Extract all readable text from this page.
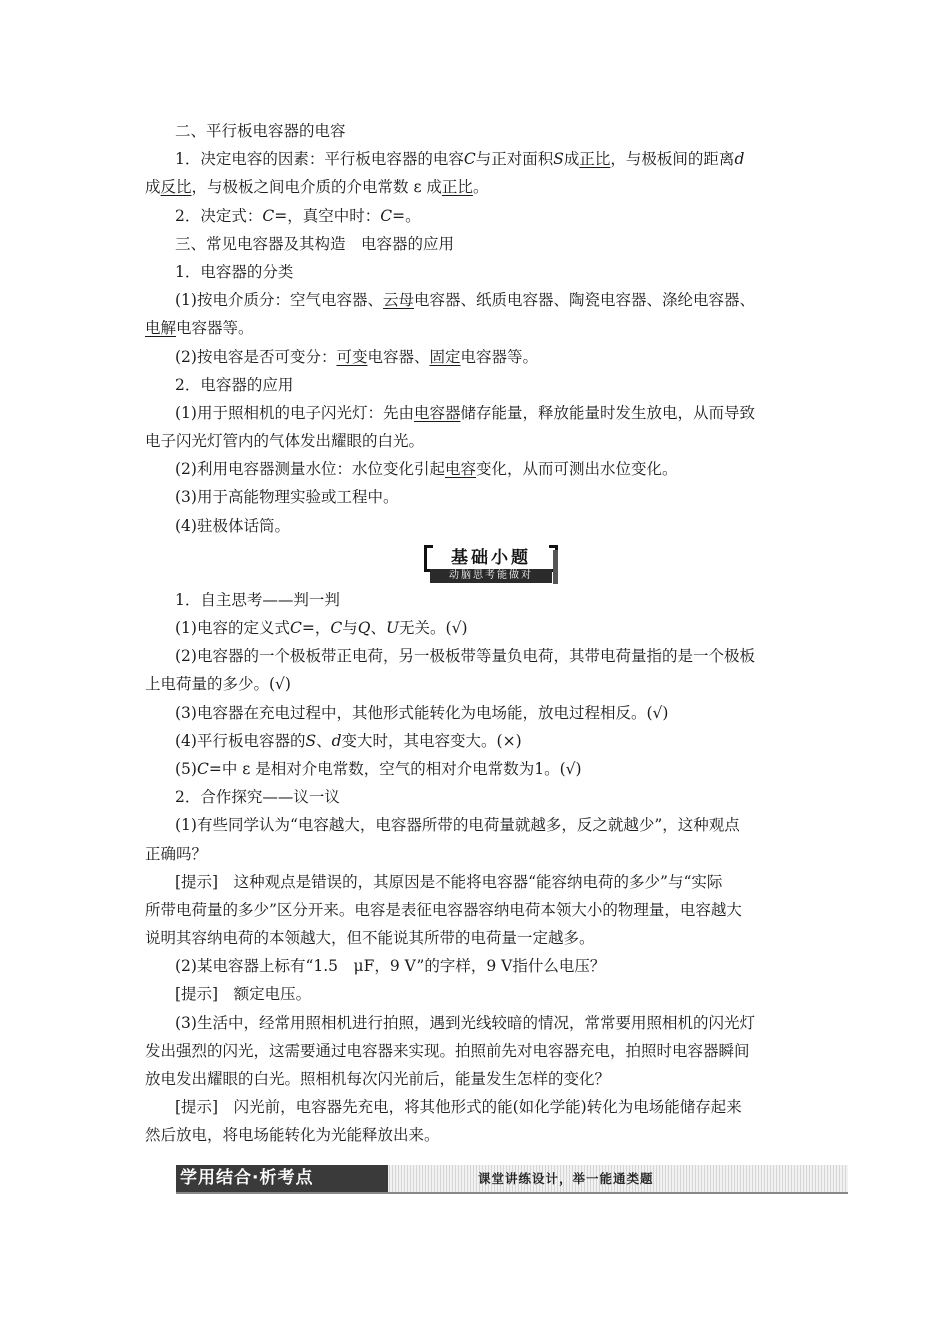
二、平行板电容器的电容
1．决定电容的因素：平行板电容器的电容C与正对面积S成正比，与极板间的距离d
成反比，与极板之间电介质的介电常数 ε 成正比。
2．决定式：C=，真空中时：C=。
三、常见电容器及其构造　电容器的应用
1．电容器的分类
(1)按电介质分：空气电容器、云母电容器、纸质电容器、陶瓷电容器、涤纶电容器、
电解电容器等。
(2)按电容是否可变分：可变电容器、固定电容器等。
2．电容器的应用
(1)用于照相机的电子闪光灯：先由电容器储存能量，释放能量时发生放电，从而导致
电子闪光灯管内的气体发出耀眼的白光。
(2)利用电容器测量水位：水位变化引起电容变化，从而可测出水位变化。
(3)用于高能物理实验或工程中。
(4)驻极体话筒。
基础小题
动脑思考能做对
1．自主思考——判一判
(1)电容的定义式C=，C与Q、U无关。(√)
(2)电容器的一个极板带正电荷，另一极板带等量负电荷，其带电荷量指的是一个极板
上电荷量的多少。(√)
(3)电容器在充电过程中，其他形式能转化为电场能，放电过程相反。(√)
(4)平行板电容器的S、d变大时，其电容变大。(×)
(5)C=中 ε 是相对介电常数，空气的相对介电常数为1。(√)
2．合作探究——议一议
(1)有些同学认为“电容越大，电容器所带的电荷量就越多，反之就越少”，这种观点
正确吗？
[提示]　这种观点是错误的，其原因是不能将电容器“能容纳电荷的多少”与“实际
所带电荷量的多少”区分开来。电容是表征电容器容纳电荷本领大小的物理量，电容越大
说明其容纳电荷的本领越大，但不能说其所带的电荷量一定越多。
(2)某电容器上标有“1.5　μF，9 V”的字样，9 V指什么电压？
[提示]　额定电压。
(3)生活中，经常用照相机进行拍照，遇到光线较暗的情况，常常要用照相机的闪光灯
发出强烈的闪光，这需要通过电容器来实现。拍照前先对电容器充电，拍照时电容器瞬间
放电发出耀眼的白光。照相机每次闪光前后，能量发生怎样的变化？
[提示]　闪光前，电容器先充电，将其他形式的能(如化学能)转化为电场能储存起来
然后放电，将电场能转化为光能释放出来。
学用结合·析考点	课堂讲练设计，举一能通类题
